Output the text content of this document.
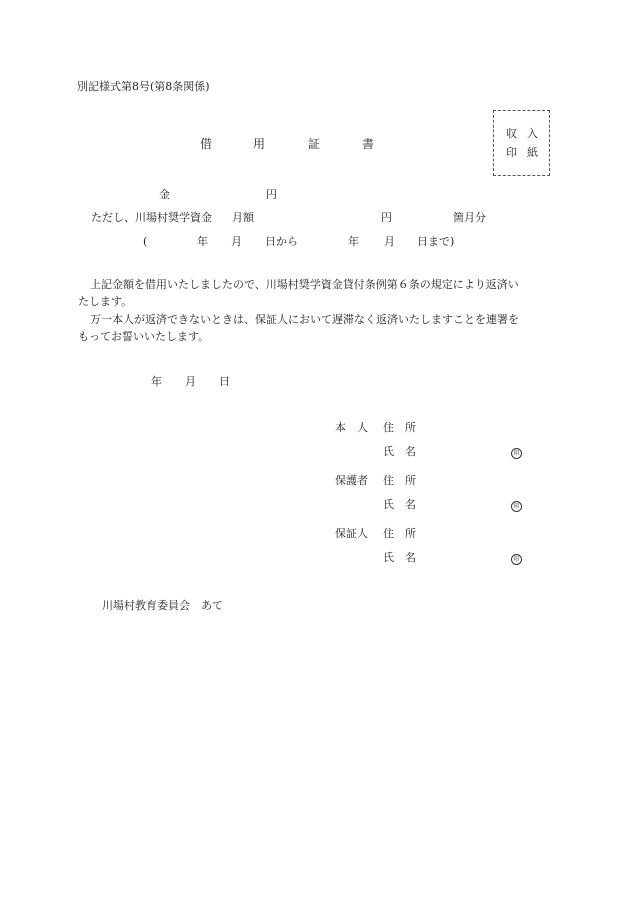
別記様式第8号(第8条関係)
借	用	証	書
収 入
印 紙
金	円
ただし、川場村奨学資金 月額	円	箇月分
(	年 月 日から	年 月 日まで)
上記金額を借用いたしましたので、川場村奨学資金貸付条例第６条の規定により返済い
たします。
万一本人が返済できないときは、保証人において遅滞なく返済いたしますことを連署を
もってお誓いいたします。
年 月 日
本　人 住　所
氏　名	印
保護者 住　所
氏　名	印
保証人 住　所
氏　名	印
川場村教育委員会　あて
